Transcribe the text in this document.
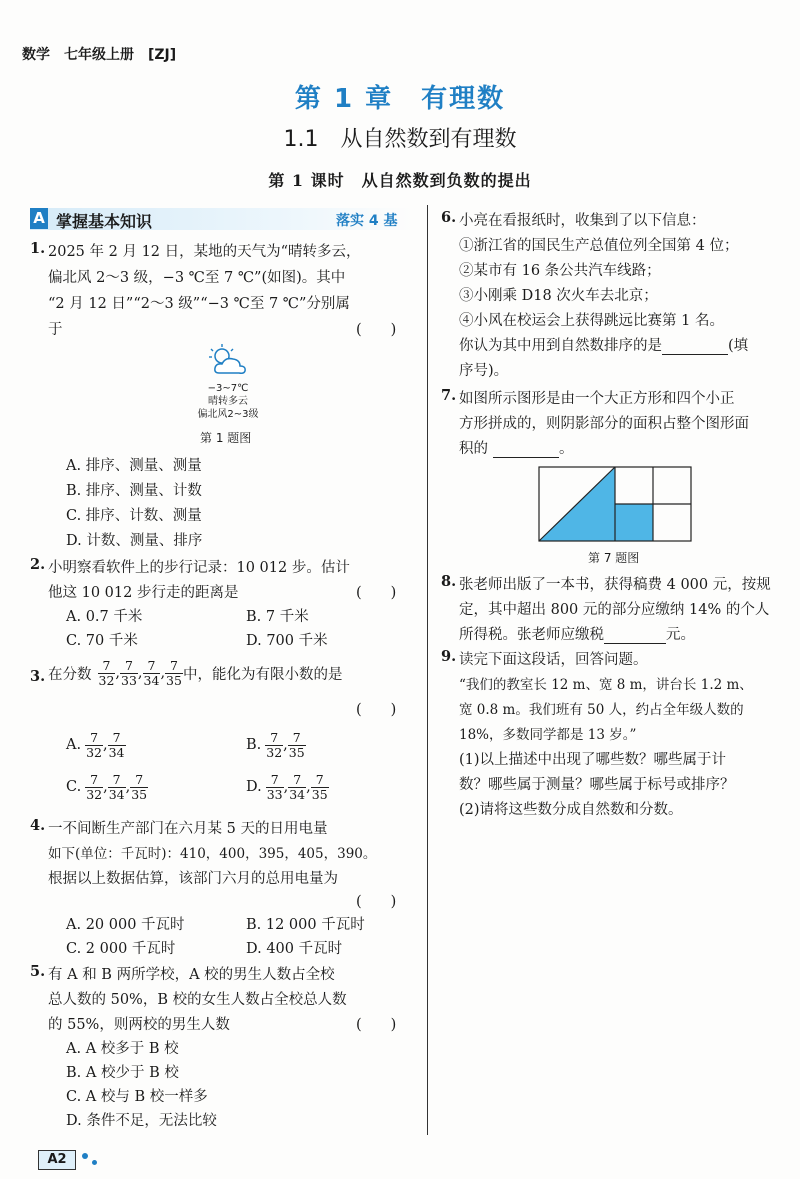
数学　七年级上册　[ZJ]
第 1 章　有理数
1.1　从自然数到有理数
第 1 课时　从自然数到负数的提出
A 掌握基本知识	落实 4 基
1. 2025 年 2 月 12 日，某地的天气为“晴转多云，
偏北风 2～3 级，−3 ℃至 7 ℃”(如图)。其中
“2 月 12 日”“2～3 级”“−3 ℃至 7 ℃”分别属
于	(　　)
−3~7℃
晴转多云
偏北风2~3级
第 1 题图
A. 排序、测量、测量
B. 排序、测量、计数
C. 排序、计数、测量
D. 计数、测量、排序
2. 小明察看软件上的步行记录：10 012 步。估计
他这 10 012 步行走的距离是	(　　)
A. 0.7 千米	B. 7 千米
C. 70 千米	D. 700 千米
3. 在分数 $\frac{7}{32}$ , $\frac{7}{33}$ , $\frac{7}{34}$ , $\frac{7}{35}$ 中，能化为有限小数的是
(　　)
A. $\frac{7}{32}$ , $\frac{7}{34}$	B. $\frac{7}{32}$ , $\frac{7}{35}$
C. $\frac{7}{32}$ , $\frac{7}{34}$ , $\frac{7}{35}$	D. $\frac{7}{33}$ , $\frac{7}{34}$ , $\frac{7}{35}$
4. 一不间断生产部门在六月某 5 天的日用电量
如下(单位：千瓦时)：410，400，395，405，390。
根据以上数据估算，该部门六月的总用电量为
(　　)
A. 20 000 千瓦时	B. 12 000 千瓦时
C. 2 000 千瓦时	D. 400 千瓦时
5. 有 A 和 B 两所学校，A 校的男生人数占全校
总人数的 50%，B 校的女生人数占全校总人数
的 55%，则两校的男生人数	(　　)
A. A 校多于 B 校
B. A 校少于 B 校
C. A 校与 B 校一样多
D. 条件不足，无法比较
6. 小亮在看报纸时，收集到了以下信息：
①浙江省的国民生产总值位列全国第 4 位；
②某市有 16 条公共汽车线路；
③小刚乘 D18 次火车去北京；
④小风在校运会上获得跳远比赛第 1 名。
你认为其中用到自然数排序的是	(填
序号)。
7. 如图所示图形是由一个大正方形和四个小正
方形拼成的，则阴影部分的面积占整个图形面
积的	。
第 7 题图
8. 张老师出版了一本书，获得稿费 4 000 元，按规
定，其中超出 800 元的部分应缴纳 14% 的个人
所得税。张老师应缴税	元。
9. 读完下面这段话，回答问题。
“我们的教室长 12 m、宽 8 m，讲台长 1.2 m、
宽 0.8 m。我们班有 50 人，约占全年级人数的
18%，多数同学都是 13 岁。”
(1)以上描述中出现了哪些数？哪些属于计
数？哪些属于测量？哪些属于标号或排序？
(2)请将这些数分成自然数和分数。
A2
